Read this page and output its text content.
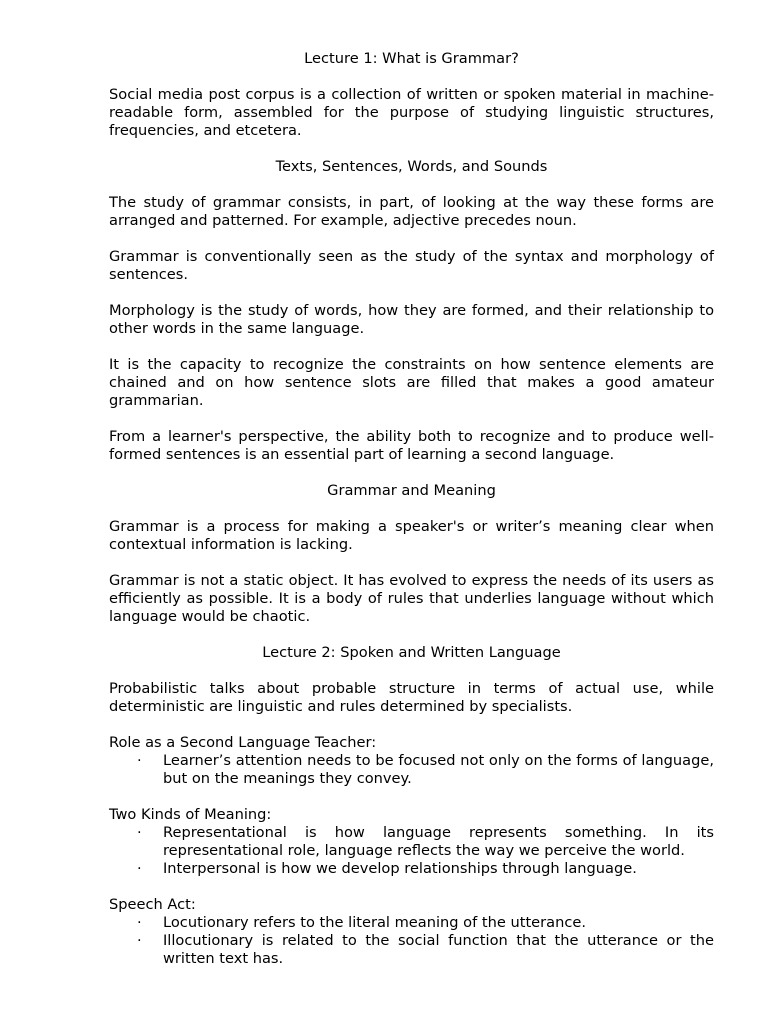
Lecture 1: What is Grammar?

Social media post corpus is a collection of written or spoken material in machine-readable form, assembled for the purpose of studying linguistic structures, frequencies, and etcetera.

Texts, Sentences, Words, and Sounds

The study of grammar consists, in part, of looking at the way these forms are arranged and patterned. For example, adjective precedes noun.

Grammar is conventionally seen as the study of the syntax and morphology of sentences.

Morphology is the study of words, how they are formed, and their relationship to other words in the same language.

It is the capacity to recognize the constraints on how sentence elements are chained and on how sentence slots are filled that makes a good amateur grammarian.

From a learner's perspective, the ability both to recognize and to produce well-formed sentences is an essential part of learning a second language.

Grammar and Meaning

Grammar is a process for making a speaker's or writer’s meaning clear when contextual information is lacking.

Grammar is not a static object. It has evolved to express the needs of its users as efficiently as possible. It is a body of rules that underlies language without which language would be chaotic.

Lecture 2: Spoken and Written Language

Probabilistic talks about probable structure in terms of actual use, while deterministic are linguistic and rules determined by specialists.

Role as a Second Language Teacher:
· Learner’s attention needs to be focused not only on the forms of language, but on the meanings they convey.
Two Kinds of Meaning:
· Representational is how language represents something. In its representational role, language reflects the way we perceive the world.
· Interpersonal is how we develop relationships through language.
Speech Act:
· Locutionary refers to the literal meaning of the utterance.
· Illocutionary is related to the social function that the utterance or the written text has.
